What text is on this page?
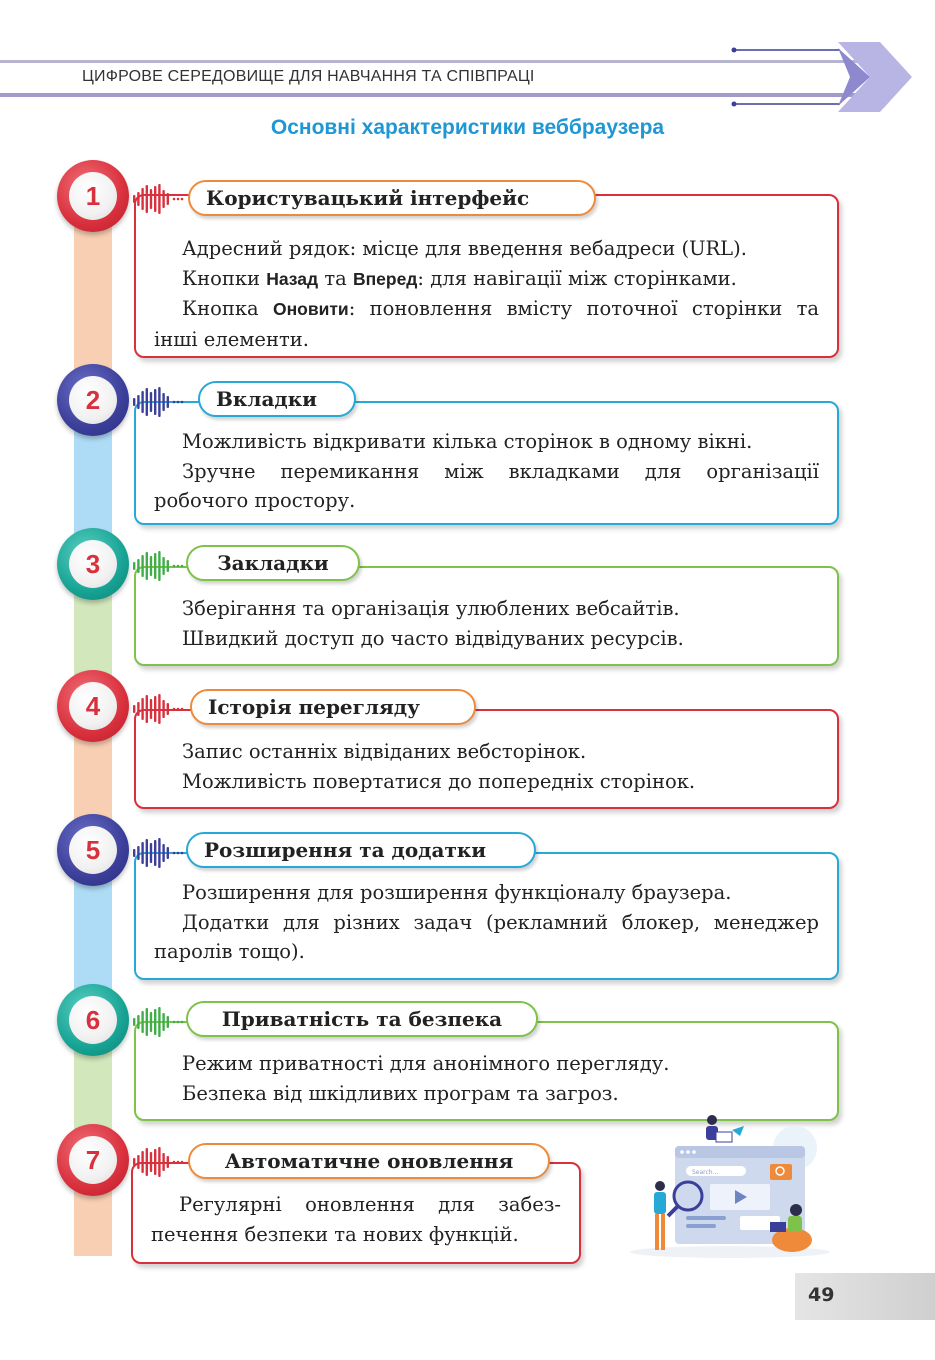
ЦИФРОВЕ СЕРЕДОВИЩЕ ДЛЯ НАВЧАННЯ ТА СПІВПРАЦІ
Основні характеристики веббраузера

Адресний рядок: місце для введення вебадреси (URL).

Кнопки Назад та Вперед: для навігації між сторінками.

Кнопка Оновити: поновлення вмісту поточної сторінки та інші елементи.

1	Користувацький інтерфейс

Можливість відкривати кілька сторінок в одному вікні.

Зручне перемикання між вкладками для організації робочого простору.

2	Вкладки

Зберігання та організація улюблених вебсайтів.

Швидкий доступ до часто відвідуваних ресурсів.

3	Закладки

Запис останніх відвіданих вебсторінок.

Можливість повертатися до попередніх сторінок.

4	Історія перегляду

Розширення для розширення функціоналу браузера.

Додатки для різних задач (рекламний блокер, менеджер паролів тощо).

5	Розширення та додатки

Режим приватності для анонімного перегляду.

Безпека від шкідливих програм та загроз.

6	Приватність та безпека

Регулярні оновлення для забезпечення безпеки та нових функцій.

7	Автоматичне оновлення	Search...
49
